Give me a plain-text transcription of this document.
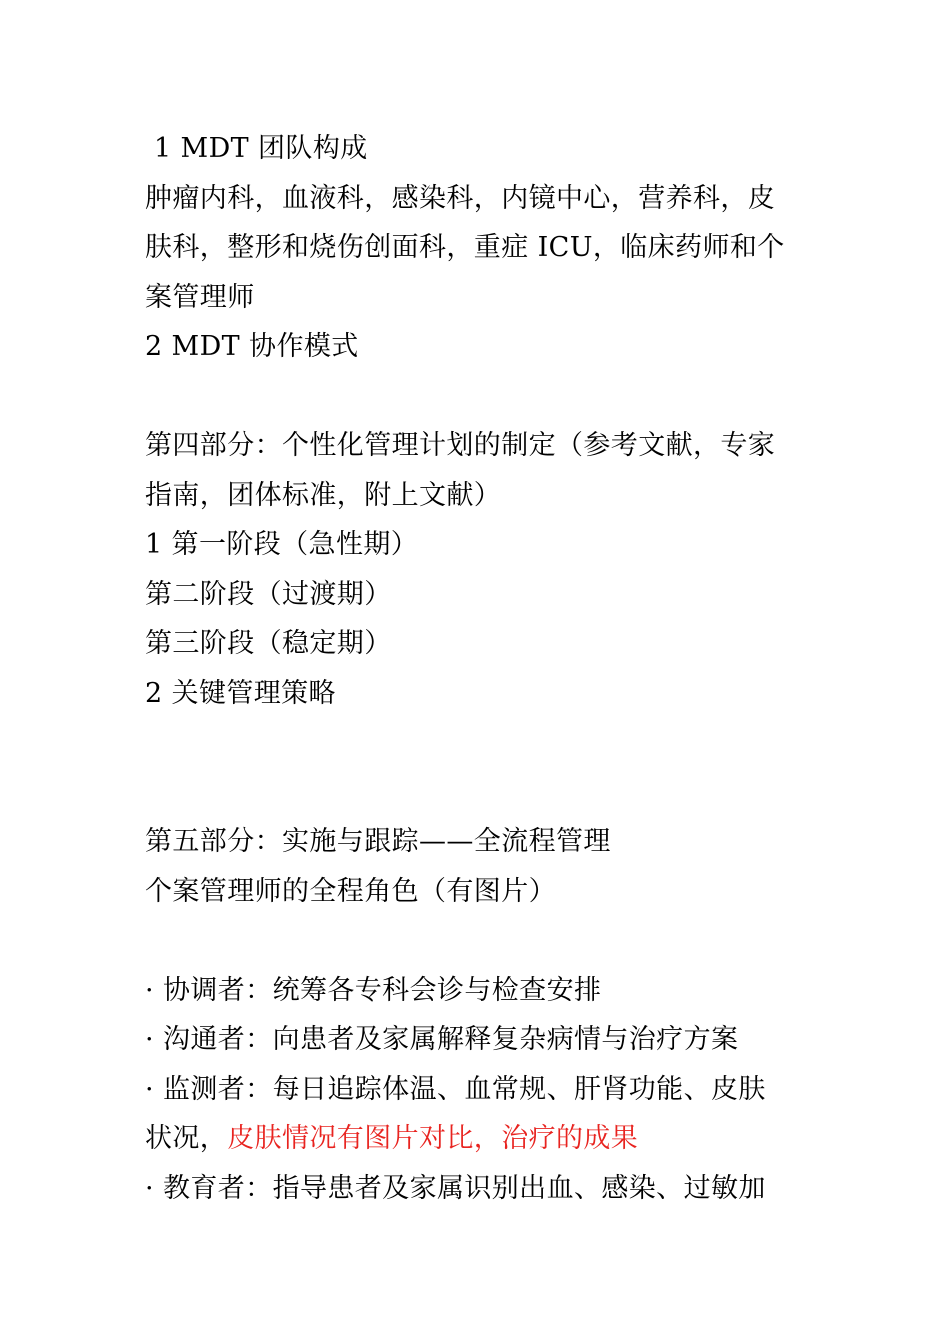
1 MDT 团队构成
肿瘤内科，血液科，感染科，内镜中心，营养科，皮
肤科，整形和烧伤创面科，重症 ICU，临床药师和个
案管理师
2 MDT 协作模式
第四部分：个性化管理计划的制定（参考文献，专家
指南，团体标准，附上文献）
1 第一阶段（急性期）
第二阶段（过渡期）
第三阶段（稳定期）
2 关键管理策略
第五部分：实施与跟踪——全流程管理
个案管理师的全程角色（有图片）
· 协调者：统筹各专科会诊与检查安排
· 沟通者：向患者及家属解释复杂病情与治疗方案
· 监测者：每日追踪体温、血常规、肝肾功能、皮肤
状况，皮肤情况有图片对比，治疗的成果
· 教育者：指导患者及家属识别出血、感染、过敏加
